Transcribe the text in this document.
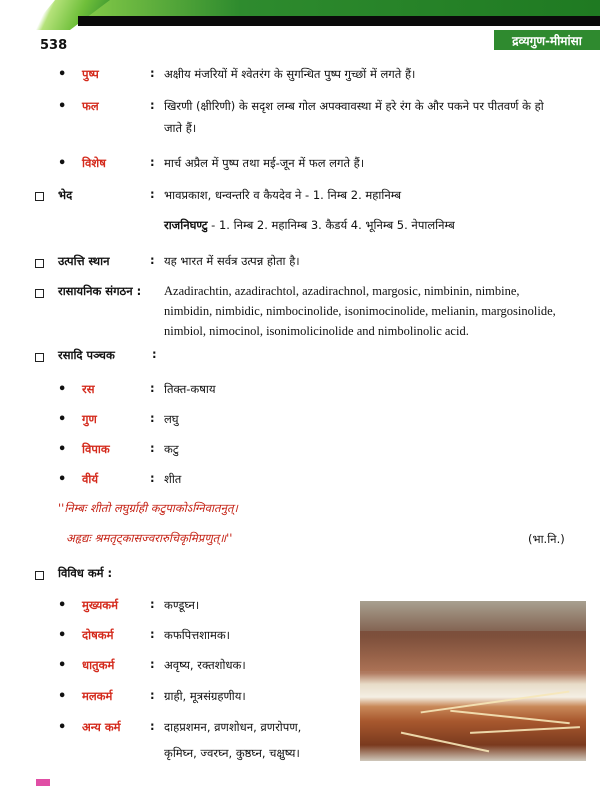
538	द्रव्यगुण-मीमांसा
• पुष्प	: अक्षीय मंजरियों में श्वेतरंग के सुगन्धित पुष्प गुच्छों में लगते हैं।
• फल	: खिरणी (क्षीरिणी) के सदृश लम्ब गोल अपक्वावस्था में हरे रंग के और पकने पर पीतवर्ण के हो
जाते हैं।
• विशेष	: मार्च अप्रैल में पुष्प तथा मई-जून में फल लगते हैं।
भेद	: भावप्रकाश, धन्वन्तरि व कैयदेव ने - 1. निम्ब 2. महानिम्ब
राजनिघण्टु - 1. निम्ब 2. महानिम्ब 3. कैडर्य 4. भूनिम्ब 5. नेपालनिम्ब
उत्पत्ति स्थान	: यह भारत में सर्वत्र उत्पन्न होता है।
रासायनिक संगठन : Azadirachtin, azadirachtol, azadirachnol, margosic, nimbinin, nimbine,
nimbidin, nimbidic, nimbocinolide, isonimocinolide, melianin, margosinolide,
nimbiol, nimocinol, isonimolicinolide and nimbolinolic acid.
रसादि पञ्चक	:
• रस	: तिक्त-कषाय
• गुण	: लघु
• विपाक	: कटु
• वीर्य	: शीत
''निम्बः शीतो लघुर्ग्राही कटुपाकोऽग्निवातनुत्।
अहृद्यः श्रमतृट्कासज्वरारुचिकृमिप्रणुत्॥''	(भा.नि.)
विविध कर्म :
• मुख्यकर्म	: कण्डूघ्न।
• दोषकर्म	: कफपित्तशामक।
• धातुकर्म	: अवृष्य, रक्तशोधक।
• मलकर्म	: ग्राही, मूत्रसंग्रहणीय।
• अन्य कर्म	: दाहप्रशमन, व्रणशोधन, व्रणरोपण,
कृमिघ्न, ज्वरघ्न, कुष्ठघ्न, चक्षुष्य।
